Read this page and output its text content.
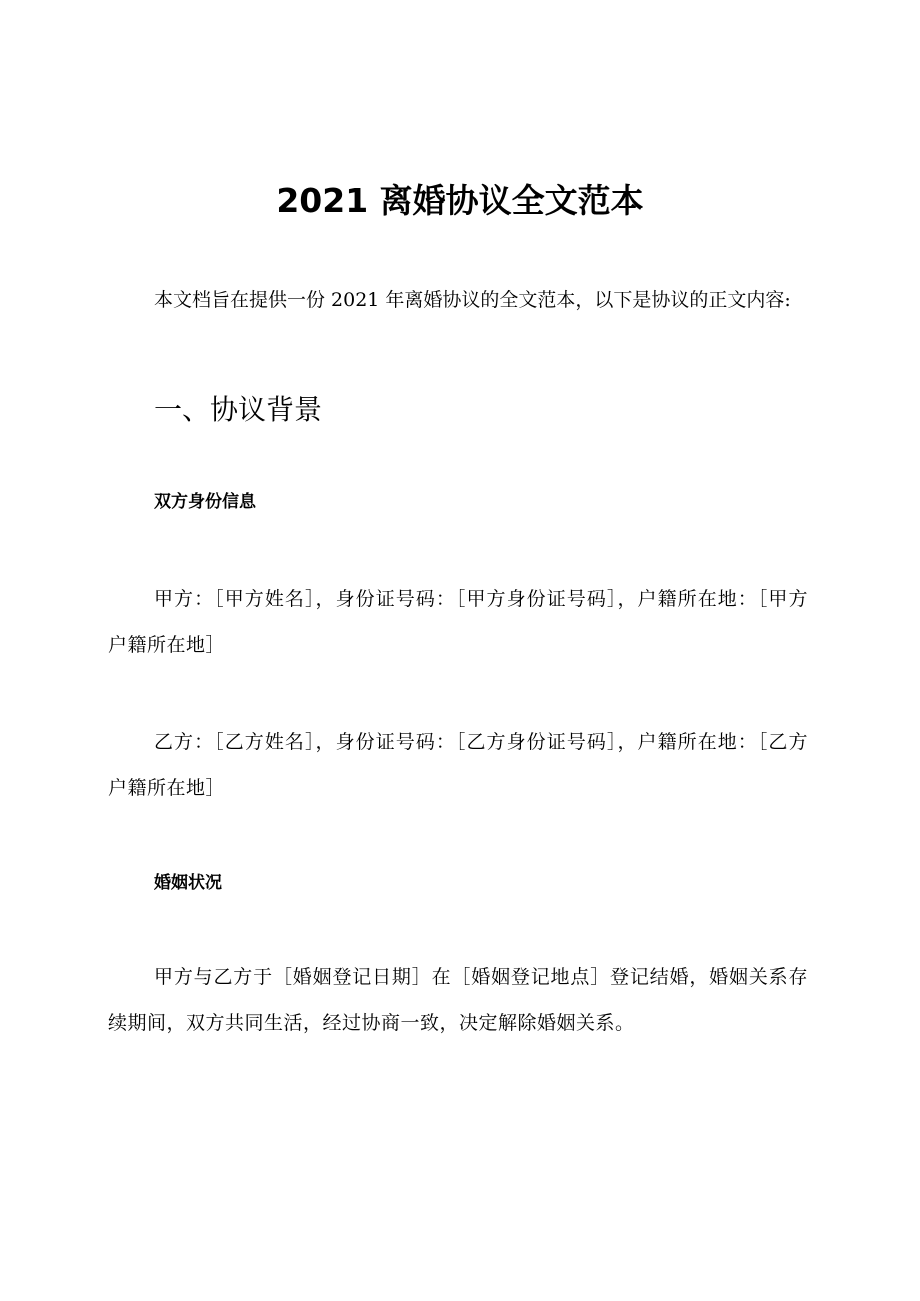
2021 离婚协议全文范本
本文档旨在提供一份 2021 年离婚协议的全文范本，以下是协议的正文内容:
一、协议背景
双方身份信息
甲方：［甲方姓名］，身份证号码：［甲方身份证号码］，户籍所在地：［甲方户籍所在地］
乙方：［乙方姓名］，身份证号码：［乙方身份证号码］，户籍所在地：［乙方户籍所在地］
婚姻状况
甲方与乙方于［婚姻登记日期］在［婚姻登记地点］登记结婚，婚姻关系存续期间，双方共同生活，经过协商一致，决定解除婚姻关系。
